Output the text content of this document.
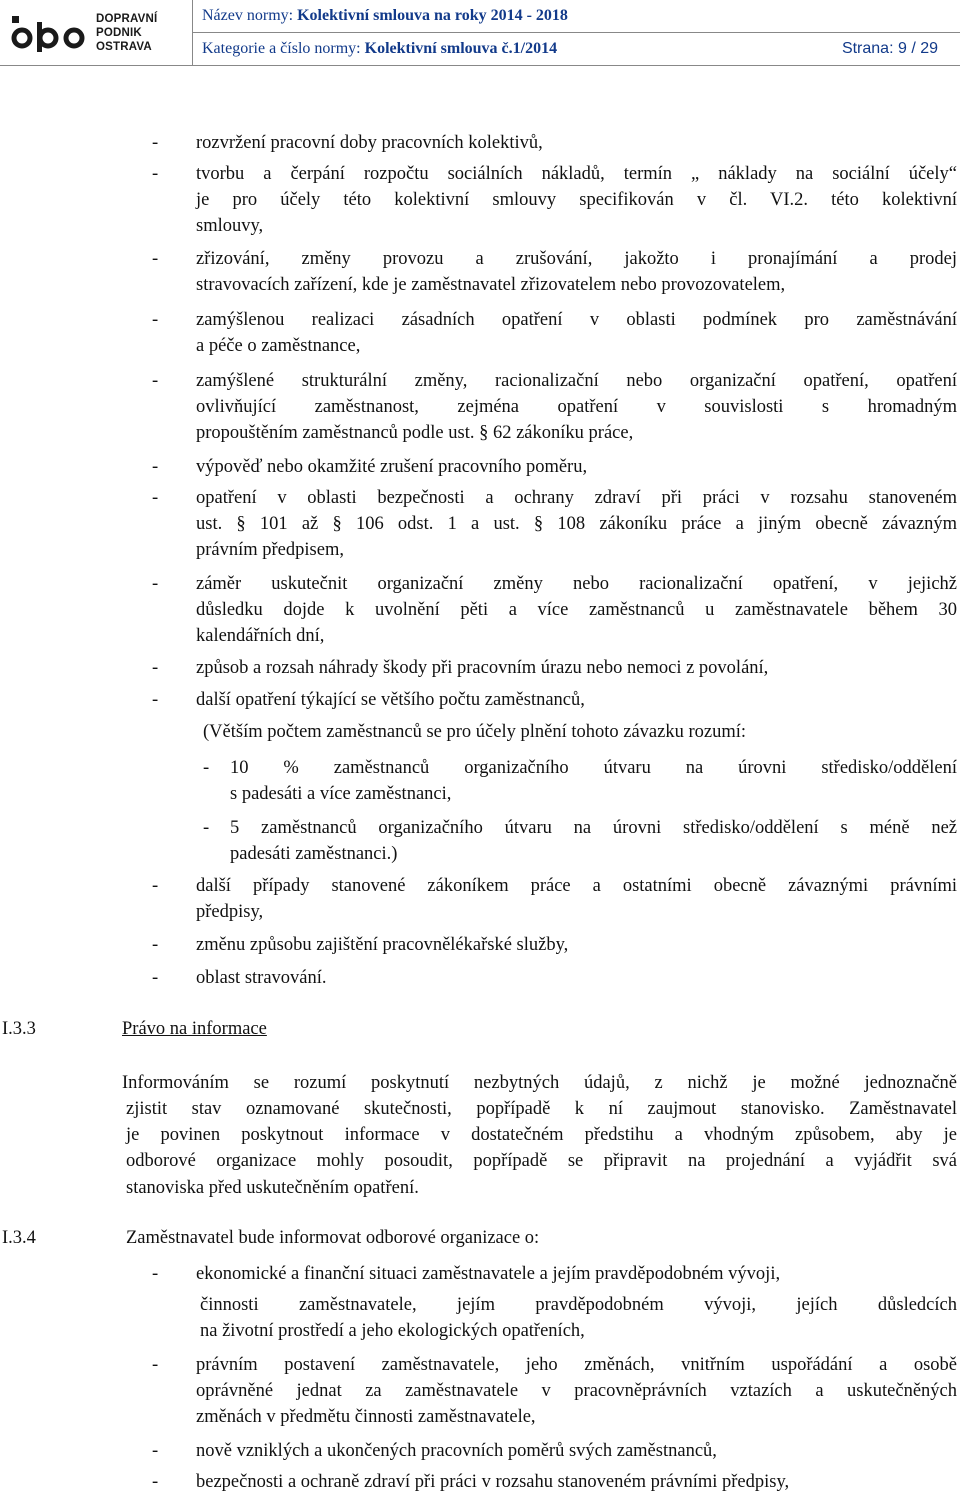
DOPRAVNÍ
PODNIK
OSTRAVA
Název normy: Kolektivní smlouva na roky 2014 - 2018
Kategorie a číslo normy: Kolektivní smlouva č.1/2014	Strana: 9 / 29
- rozvržení pracovní doby pracovních kolektivů,
- tvorbu a čerpání rozpočtu sociálních nákladů, termín „ náklady na sociální účely“
je pro účely této kolektivní smlouvy specifikován v čl. VI.2. této kolektivní
smlouvy,
- zřizování, změny provozu a zrušování, jakožto i pronajímání a prodej
stravovacích zařízení, kde je zaměstnavatel zřizovatelem nebo provozovatelem,
- zamýšlenou realizaci zásadních opatření v oblasti podmínek pro zaměstnávání
a péče o zaměstnance,
- zamýšlené strukturální změny, racionalizační nebo organizační opatření, opatření
ovlivňující zaměstnanost, zejména opatření v souvislosti s hromadným
propouštěním zaměstnanců podle ust. § 62 zákoníku práce,
- výpověď nebo okamžité zrušení pracovního poměru,
- opatření v oblasti bezpečnosti a ochrany zdraví při práci v rozsahu stanoveném
ust. § 101 až § 106 odst. 1 a ust. § 108 zákoníku práce a jiným obecně závazným
právním předpisem,
- záměr uskutečnit organizační změny nebo racionalizační opatření, v jejichž
důsledku dojde k uvolnění pěti a více zaměstnanců u zaměstnavatele během 30
kalendářních dní,
- způsob a rozsah náhrady škody při pracovním úrazu nebo nemoci z povolání,
- další opatření týkající se většího počtu zaměstnanců,
(Větším počtem zaměstnanců se pro účely plnění tohoto závazku rozumí:
- 10 % zaměstnanců organizačního útvaru na úrovni středisko/oddělení
s padesáti a více zaměstnanci,
- 5 zaměstnanců organizačního útvaru na úrovni středisko/oddělení s méně než
padesáti zaměstnanci.)
- další případy stanovené zákoníkem práce a ostatními obecně závaznými právními
předpisy,
- změnu způsobu zajištění pracovnělékařské služby,
- oblast stravování.
Informováním se rozumí poskytnutí nezbytných údajů, z nichž je možné jednoznačně
zjistit stav oznamované skutečnosti, popřípadě k ní zaujmout stanovisko. Zaměstnavatel
je povinen poskytnout informace v dostatečném předstihu a vhodným způsobem, aby je
odborové organizace mohly posoudit, popřípadě se připravit na projednání a vyjádřit svá
stanoviska před uskutečněním opatření.
- ekonomické a finanční situaci zaměstnavatele a jejím pravděpodobném vývoji,
činnosti zaměstnavatele, jejím pravděpodobném vývoji, jejích důsledcích
na životní prostředí a jeho ekologických opatřeních,
- právním postavení zaměstnavatele, jeho změnách, vnitřním uspořádání a osobě
oprávněné jednat za zaměstnavatele v pracovněprávních vztazích a uskutečněných
změnách v předmětu činnosti zaměstnavatele,
- nově vzniklých a ukončených pracovních poměrů svých zaměstnanců,
- bezpečnosti a ochraně zdraví při práci v rozsahu stanoveném právními předpisy,
I.3.3	Právo na informace
I.3.4	Zaměstnavatel bude informovat odborové organizace o:
